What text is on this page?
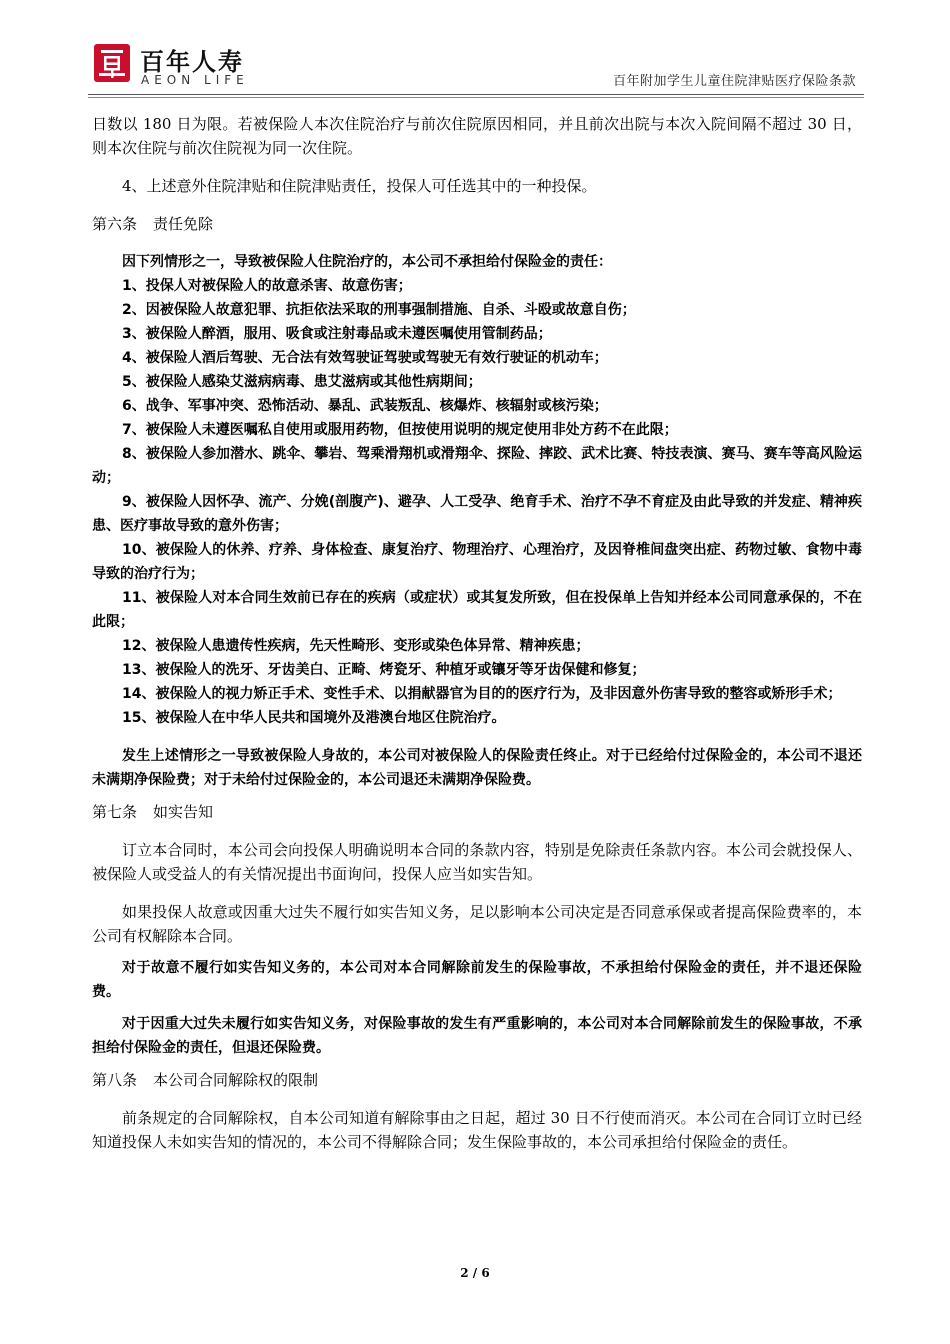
百年人寿
AEON LIFE	百年附加学生儿童住院津贴医疗保险条款

日数以 180 日为限。若被保险人本次住院治疗与前次住院原因相同，并且前次出院与本次入院间隔不超过 30 日，则本次住院与前次住院视为同一次住院。

4、上述意外住院津贴和住院津贴责任，投保人可任选其中的一种投保。

第六条 责任免除

因下列情形之一，导致被保险人住院治疗的，本公司不承担给付保险金的责任：

1、投保人对被保险人的故意杀害、故意伤害；

2、因被保险人故意犯罪、抗拒依法采取的刑事强制措施、自杀、斗殴或故意自伤；

3、被保险人醉酒，服用、吸食或注射毒品或未遵医嘱使用管制药品；

4、被保险人酒后驾驶、无合法有效驾驶证驾驶或驾驶无有效行驶证的机动车；

5、被保险人感染艾滋病病毒、患艾滋病或其他性病期间；

6、战争、军事冲突、恐怖活动、暴乱、武装叛乱、核爆炸、核辐射或核污染；

7、被保险人未遵医嘱私自使用或服用药物，但按使用说明的规定使用非处方药不在此限；

8、被保险人参加潜水、跳伞、攀岩、驾乘滑翔机或滑翔伞、探险、摔跤、武术比赛、特技表演、赛马、赛车等高风险运动；

9、被保险人因怀孕、流产、分娩(剖腹产)、避孕、人工受孕、绝育手术、治疗不孕不育症及由此导致的并发症、精神疾患、医疗事故导致的意外伤害；

10、被保险人的休养、疗养、身体检查、康复治疗、物理治疗、心理治疗，及因脊椎间盘突出症、药物过敏、食物中毒导致的治疗行为；

11、被保险人对本合同生效前已存在的疾病（或症状）或其复发所致，但在投保单上告知并经本公司同意承保的，不在此限；

12、被保险人患遗传性疾病，先天性畸形、变形或染色体异常、精神疾患；

13、被保险人的洗牙、牙齿美白、正畸、烤瓷牙、种植牙或镶牙等牙齿保健和修复；

14、被保险人的视力矫正手术、变性手术、以捐献器官为目的的医疗行为，及非因意外伤害导致的整容或矫形手术；

15、被保险人在中华人民共和国境外及港澳台地区住院治疗。

发生上述情形之一导致被保险人身故的，本公司对被保险人的保险责任终止。对于已经给付过保险金的，本公司不退还未满期净保险费；对于未给付过保险金的，本公司退还未满期净保险费。

第七条 如实告知

订立本合同时，本公司会向投保人明确说明本合同的条款内容，特别是免除责任条款内容。本公司会就投保人、被保险人或受益人的有关情况提出书面询问，投保人应当如实告知。

如果投保人故意或因重大过失不履行如实告知义务，足以影响本公司决定是否同意承保或者提高保险费率的，本公司有权解除本合同。

对于故意不履行如实告知义务的，本公司对本合同解除前发生的保险事故，不承担给付保险金的责任，并不退还保险费。

对于因重大过失未履行如实告知义务，对保险事故的发生有严重影响的，本公司对本合同解除前发生的保险事故，不承担给付保险金的责任，但退还保险费。

第八条 本公司合同解除权的限制

前条规定的合同解除权，自本公司知道有解除事由之日起，超过 30 日不行使而消灭。本公司在合同订立时已经知道投保人未如实告知的情况的，本公司不得解除合同；发生保险事故的，本公司承担给付保险金的责任。

2 / 6
